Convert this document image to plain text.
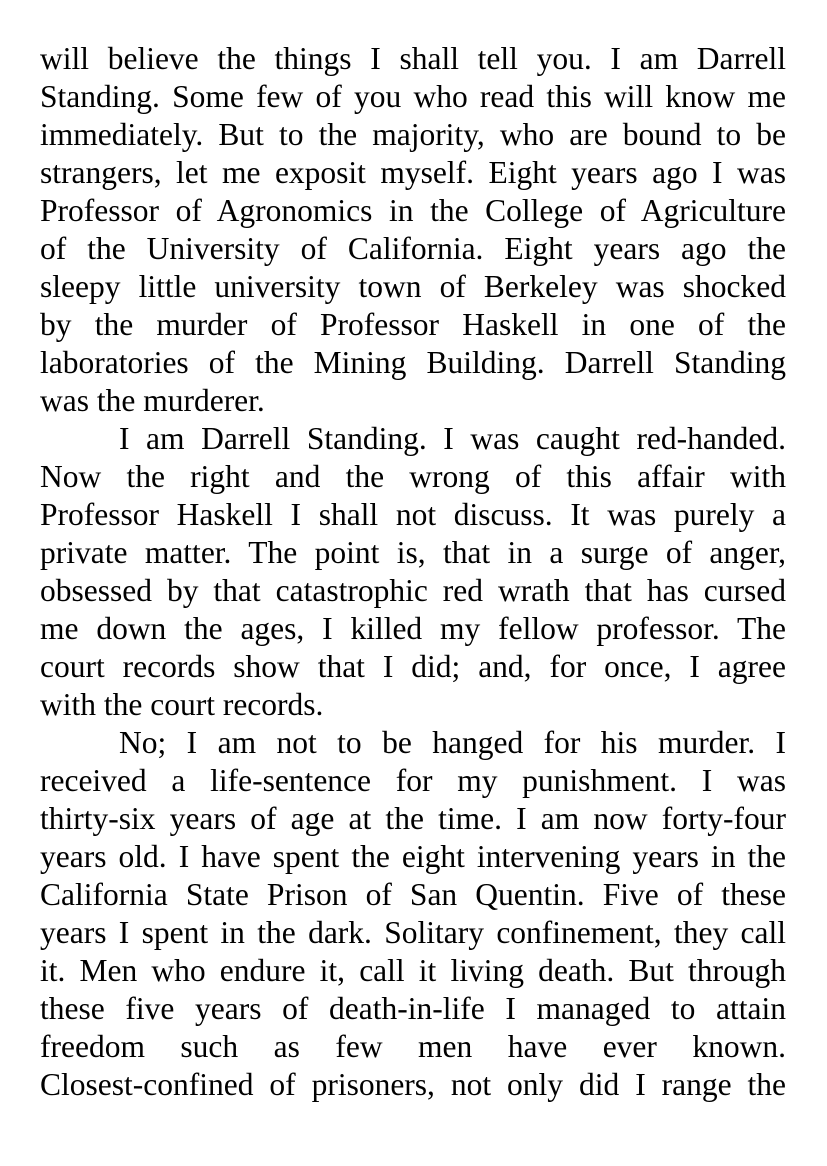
will believe the things I shall tell you. I am Darrell
Standing. Some few of you who read this will know me
immediately. But to the majority, who are bound to be
strangers, let me exposit myself. Eight years ago I was
Professor of Agronomics in the College of Agriculture
of the University of California. Eight years ago the
sleepy little university town of Berkeley was shocked
by the murder of Professor Haskell in one of the
laboratories of the Mining Building. Darrell Standing
was the murderer.
I am Darrell Standing. I was caught red-handed.
Now the right and the wrong of this affair with
Professor Haskell I shall not discuss. It was purely a
private matter. The point is, that in a surge of anger,
obsessed by that catastrophic red wrath that has cursed
me down the ages, I killed my fellow professor. The
court records show that I did; and, for once, I agree
with the court records.
No; I am not to be hanged for his murder. I
received a life-sentence for my punishment. I was
thirty-six years of age at the time. I am now forty-four
years old. I have spent the eight intervening years in the
California State Prison of San Quentin. Five of these
years I spent in the dark. Solitary confinement, they call
it. Men who endure it, call it living death. But through
these five years of death-in-life I managed to attain
freedom such as few men have ever known.
Closest-confined of prisoners, not only did I range the
